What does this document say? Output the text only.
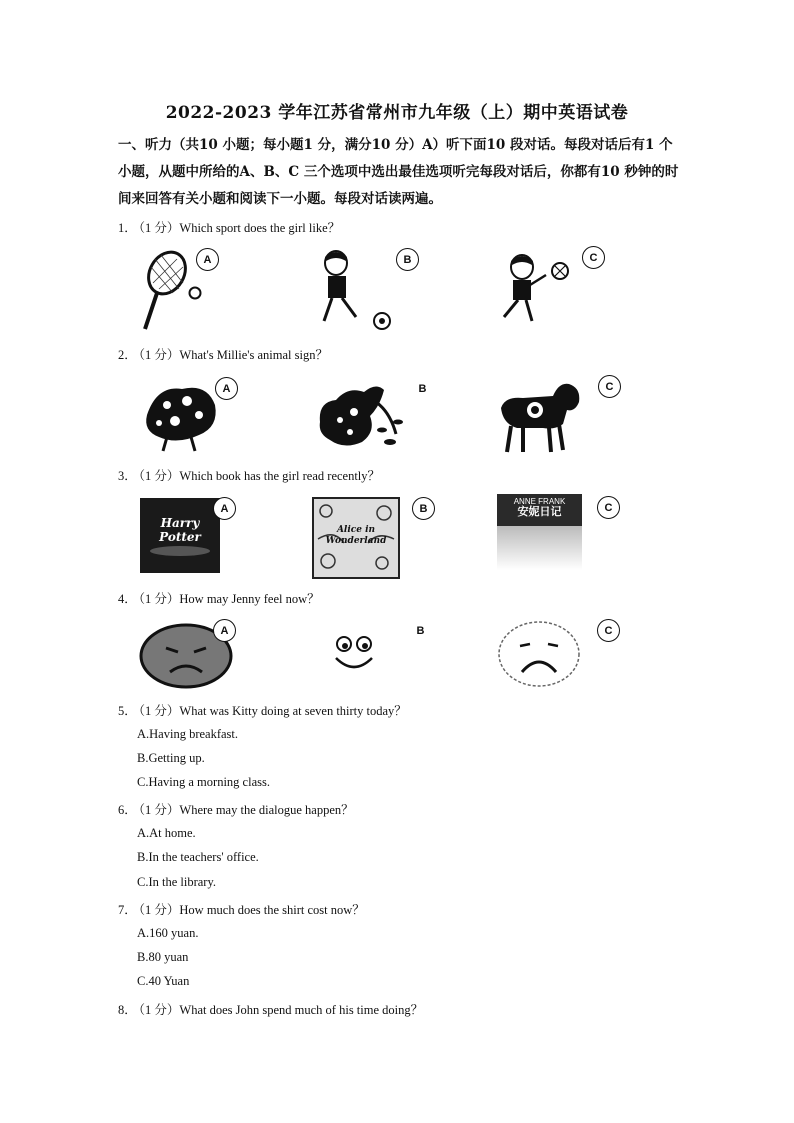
2022-2023 学年江苏省常州市九年级（上）期中英语试卷
一、听力（共10 小题；每小题1 分，满分10 分）A）听下面10 段对话。每段对话后有1 个小题，从题中所给的A、B、C 三个选项中选出最佳选项听完每段对话后，你都有10 秒钟的时间来回答有关小题和阅读下一小题。每段对话读两遍。
1． （1 分）Which sport does the girl like？
A	B	C
2． （1 分）What's Millie's animal sign？
A	B	C
3． （1 分）Which book has the girl read recently？
Harry Potter
A
Alice in Wonderland
B
ANNE FRANK
安妮日记	C
4． （1 分）How may Jenny feel now？
A	B	C
5． （1 分）What was Kitty doing at seven thirty today？
A.Having breakfast.
B.Getting up.
C.Having a morning class.
6． （1 分）Where may the dialogue happen？
A.At home.
B.In the teachers' office.
C.In the library.
7． （1 分）How much does the shirt cost now？
A.160 yuan.
B.80 yuan
C.40 Yuan
8． （1 分）What does John spend much of his time doing？
